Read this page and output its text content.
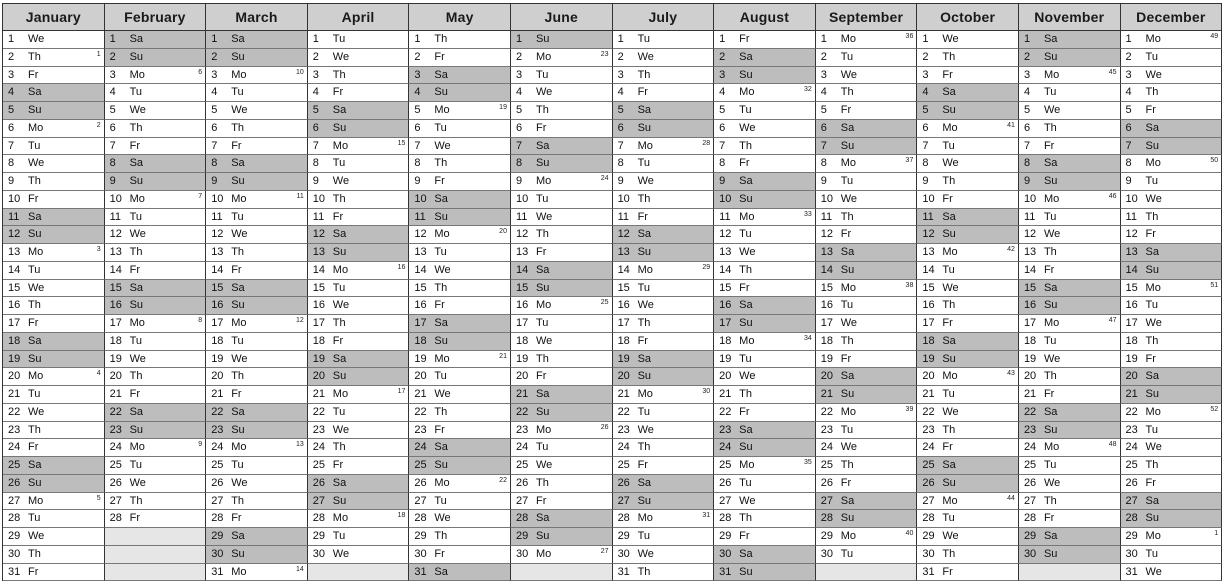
January
1 We
2 Th	1
3 Fr
4 Sa
5 Su
6 Mo	2
7 Tu
8 We
9 Th
10 Fr
11 Sa
12 Su
13 Mo	3
14 Tu
15 We
16 Th
17 Fr
18 Sa
19 Su
20 Mo	4
21 Tu
22 We
23 Th
24 Fr
25 Sa
26 Su
27 Mo	5
28 Tu
29 We
30 Th
31 Fr
February
1 Sa
2 Su
3 Mo	6
4 Tu
5 We
6 Th
7 Fr
8 Sa
9 Su
10 Mo	7
11 Tu
12 We
13 Th
14 Fr
15 Sa
16 Su
17 Mo	8
18 Tu
19 We
20 Th
21 Fr
22 Sa
23 Su
24 Mo	9
25 Tu
26 We
27 Th
28 Fr
March
1 Sa
2 Su
3 Mo	10
4 Tu
5 We
6 Th
7 Fr
8 Sa
9 Su
10 Mo	11
11 Tu
12 We
13 Th
14 Fr
15 Sa
16 Su
17 Mo	12
18 Tu
19 We
20 Th
21 Fr
22 Sa
23 Su
24 Mo	13
25 Tu
26 We
27 Th
28 Fr
29 Sa
30 Su
31 Mo	14
April
1 Tu
2 We
3 Th
4 Fr
5 Sa
6 Su
7 Mo	15
8 Tu
9 We
10 Th
11 Fr
12 Sa
13 Su
14 Mo	16
15 Tu
16 We
17 Th
18 Fr
19 Sa
20 Su
21 Mo	17
22 Tu
23 We
24 Th
25 Fr
26 Sa
27 Su
28 Mo	18
29 Tu
30 We
May
1 Th
2 Fr
3 Sa
4 Su
5 Mo	19
6 Tu
7 We
8 Th
9 Fr
10 Sa
11 Su
12 Mo	20
13 Tu
14 We
15 Th
16 Fr
17 Sa
18 Su
19 Mo	21
20 Tu
21 We
22 Th
23 Fr
24 Sa
25 Su
26 Mo	22
27 Tu
28 We
29 Th
30 Fr
31 Sa
June
1 Su
2 Mo	23
3 Tu
4 We
5 Th
6 Fr
7 Sa
8 Su
9 Mo	24
10 Tu
11 We
12 Th
13 Fr
14 Sa
15 Su
16 Mo	25
17 Tu
18 We
19 Th
20 Fr
21 Sa
22 Su
23 Mo	26
24 Tu
25 We
26 Th
27 Fr
28 Sa
29 Su
30 Mo	27
July
1 Tu
2 We
3 Th
4 Fr
5 Sa
6 Su
7 Mo	28
8 Tu
9 We
10 Th
11 Fr
12 Sa
13 Su
14 Mo	29
15 Tu
16 We
17 Th
18 Fr
19 Sa
20 Su
21 Mo	30
22 Tu
23 We
24 Th
25 Fr
26 Sa
27 Su
28 Mo	31
29 Tu
30 We
31 Th
August
1 Fr
2 Sa
3 Su
4 Mo	32
5 Tu
6 We
7 Th
8 Fr
9 Sa
10 Su
11 Mo	33
12 Tu
13 We
14 Th
15 Fr
16 Sa
17 Su
18 Mo	34
19 Tu
20 We
21 Th
22 Fr
23 Sa
24 Su
25 Mo	35
26 Tu
27 We
28 Th
29 Fr
30 Sa
31 Su
September
1 Mo	36
2 Tu
3 We
4 Th
5 Fr
6 Sa
7 Su
8 Mo	37
9 Tu
10 We
11 Th
12 Fr
13 Sa
14 Su
15 Mo	38
16 Tu
17 We
18 Th
19 Fr
20 Sa
21 Su
22 Mo	39
23 Tu
24 We
25 Th
26 Fr
27 Sa
28 Su
29 Mo	40
30 Tu
October
1 We
2 Th
3 Fr
4 Sa
5 Su
6 Mo	41
7 Tu
8 We
9 Th
10 Fr
11 Sa
12 Su
13 Mo	42
14 Tu
15 We
16 Th
17 Fr
18 Sa
19 Su
20 Mo	43
21 Tu
22 We
23 Th
24 Fr
25 Sa
26 Su
27 Mo	44
28 Tu
29 We
30 Th
31 Fr
November
1 Sa
2 Su
3 Mo	45
4 Tu
5 We
6 Th
7 Fr
8 Sa
9 Su
10 Mo	46
11 Tu
12 We
13 Th
14 Fr
15 Sa
16 Su
17 Mo	47
18 Tu
19 We
20 Th
21 Fr
22 Sa
23 Su
24 Mo	48
25 Tu
26 We
27 Th
28 Fr
29 Sa
30 Su
December
1 Mo	49
2 Tu
3 We
4 Th
5 Fr
6 Sa
7 Su
8 Mo	50
9 Tu
10 We
11 Th
12 Fr
13 Sa
14 Su
15 Mo	51
16 Tu
17 We
18 Th
19 Fr
20 Sa
21 Su
22 Mo	52
23 Tu
24 We
25 Th
26 Fr
27 Sa
28 Su
29 Mo	1
30 Tu
31 We
